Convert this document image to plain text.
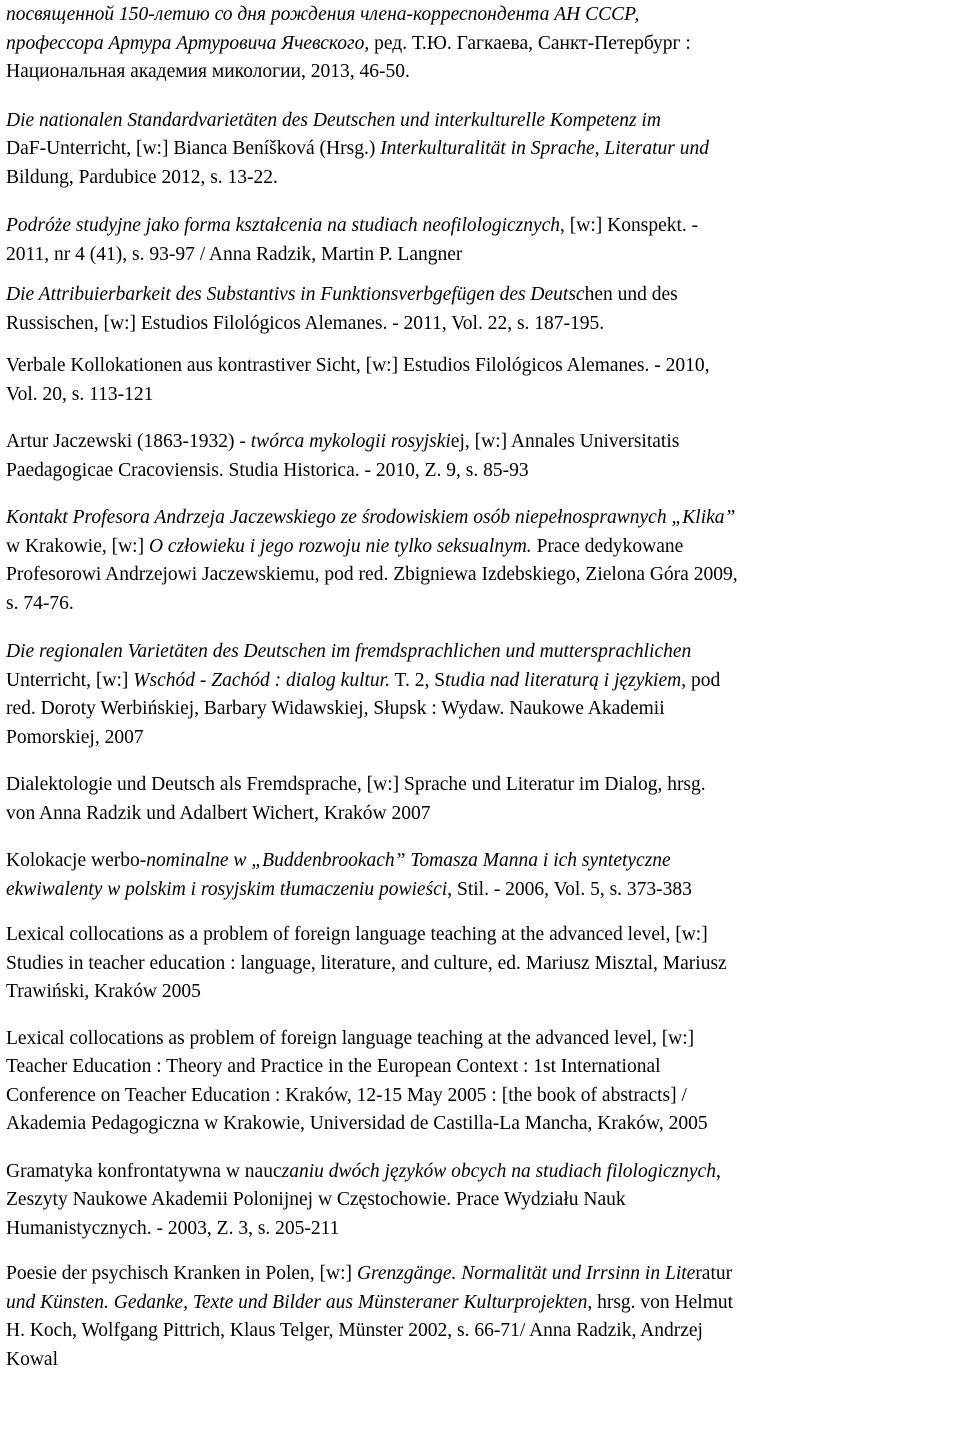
посвященной 150-летию со дня рождения члена-корреспондента АН СССР,
профессора Артура Артуровича Ячевского, ред. Т.Ю. Гагкаева, Санкт-Петербург :
Национальная академия микологии, 2013, 46-50.
Die nationalen Standardvarietäten des Deutschen und interkulturelle Kompetenz im
DaF-Unterricht, [w:] Bianca Beníšková (Hrsg.) Interkulturalität in Sprache, Literatur und
Bildung, Pardubice 2012, s. 13-22.
Podróże studyjne jako forma kształcenia na studiach neofilologicznych, [w:] Konspekt. -
2011, nr 4 (41), s. 93-97 / Anna Radzik, Martin P. Langner
Die Attribuierbarkeit des Substantivs in Funktionsverbgefügen des Deutschen und des
Russischen, [w:] Estudios Filológicos Alemanes. - 2011, Vol. 22, s. 187-195.
Verbale Kollokationen aus kontrastiver Sicht, [w:] Estudios Filológicos Alemanes. - 2010,
Vol. 20, s. 113-121
Artur Jaczewski (1863-1932) - twórca mykologii rosyjskiej, [w:] Annales Universitatis
Paedagogicae Cracoviensis. Studia Historica. - 2010, Z. 9, s. 85-93
Kontakt Profesora Andrzeja Jaczewskiego ze środowiskiem osób niepełnosprawnych „Klika”
w Krakowie, [w:] O człowieku i jego rozwoju nie tylko seksualnym. Prace dedykowane
Profesorowi Andrzejowi Jaczewskiemu, pod red. Zbigniewa Izdebskiego, Zielona Góra 2009,
s. 74-76.
Die regionalen Varietäten des Deutschen im fremdsprachlichen und muttersprachlichen
Unterricht, [w:] Wschód - Zachód : dialog kultur. T. 2, Studia nad literaturą i językiem, pod
red. Doroty Werbińskiej, Barbary Widawskiej, Słupsk : Wydaw. Naukowe Akademii
Pomorskiej, 2007
Dialektologie und Deutsch als Fremdsprache, [w:] Sprache und Literatur im Dialog, hrsg.
von Anna Radzik und Adalbert Wichert, Kraków 2007
Kolokacje werbo-nominalne w „Buddenbrookach” Tomasza Manna i ich syntetyczne
ekwiwalenty w polskim i rosyjskim tłumaczeniu powieści, Stil. - 2006, Vol. 5, s. 373-383
Lexical collocations as a problem of foreign language teaching at the advanced level, [w:]
Studies in teacher education : language, literature, and culture, ed. Mariusz Misztal, Mariusz
Trawiński, Kraków 2005
Lexical collocations as problem of foreign language teaching at the advanced level, [w:]
Teacher Education : Theory and Practice in the European Context : 1st International
Conference on Teacher Education : Kraków, 12-15 May 2005 : [the book of abstracts] /
Akademia Pedagogiczna w Krakowie, Universidad de Castilla-La Mancha, Kraków, 2005
Gramatyka konfrontatywna w nauczaniu dwóch języków obcych na studiach filologicznych,
Zeszyty Naukowe Akademii Polonijnej w Częstochowie. Prace Wydziału Nauk
Humanistycznych. - 2003, Z. 3, s. 205-211
Poesie der psychisch Kranken in Polen, [w:] Grenzgänge. Normalität und Irrsinn in Literatur
und Künsten. Gedanke, Texte und Bilder aus Münsteraner Kulturprojekten, hrsg. von Helmut
H. Koch, Wolfgang Pittrich, Klaus Telger, Münster 2002, s. 66-71/ Anna Radzik, Andrzej
Kowal
